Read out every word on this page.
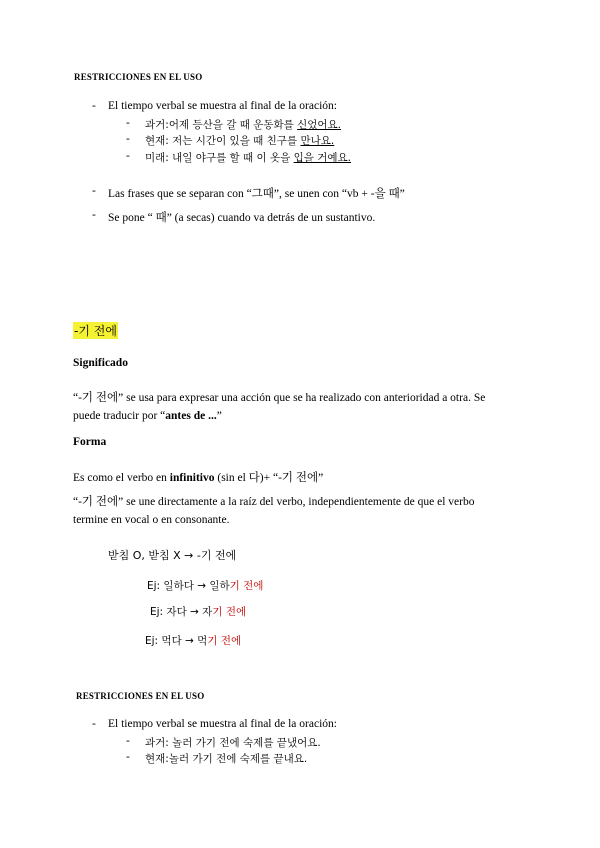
RESTRICCIONES EN EL USO
- El tiempo verbal se muestra al final de la oración:
- 과거:어제 등산을 갈 때 운동화를 신었어요.
- 현재: 저는 시간이 있을 때 친구를 만나요.
- 미래: 내일 야구를 할 때 이 옷을 입을 거예요.
- Las frases que se separan con “그때”, se unen con “vb + -을 때”
- Se pone “ 때” (a secas) cuando va detrás de un sustantivo.
-기 전에
Significado
“-기 전에” se usa para expresar una acción que se ha realizado con anterioridad a otra. Se
puede traducir por “antes de ...”
Forma
Es como el verbo en infinitivo (sin el 다)+ “-기 전에”
“-기 전에” se une directamente a la raíz del verbo, independientemente de que el verbo
termine en vocal o en consonante.
받침 O, 받침 X → -기 전에
Ej: 일하다 → 일하기 전에
Ej: 자다 → 자기 전에
Ej: 먹다 → 먹기 전에
RESTRICCIONES EN EL USO
- El tiempo verbal se muestra al final de la oración:
- 과거: 놀러 가기 전에 숙제를 끝냈어요.
- 현재:놀러 가기 전에 숙제를 끝내요.
